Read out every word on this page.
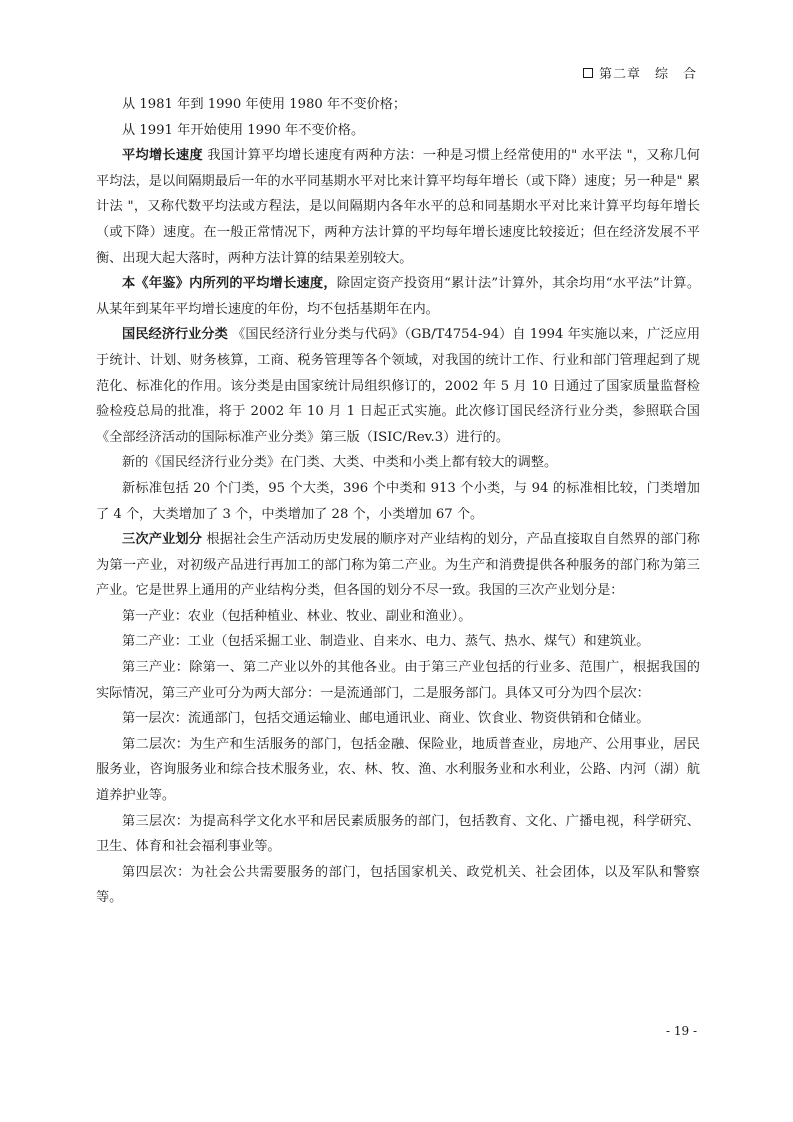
第二章　综　合

从 1981 年到 1990 年使用 1980 年不变价格；

从 1991 年开始使用 1990 年不变价格。

平均增长速度 我国计算平均增长速度有两种方法：一种是习惯上经常使用的" 水平法 "，又称几何平均法，是以间隔期最后一年的水平同基期水平对比来计算平均每年增长（或下降）速度；另一种是" 累计法 "，又称代数平均法或方程法，是以间隔期内各年水平的总和同基期水平对比来计算平均每年增长（或下降）速度。在一般正常情况下，两种方法计算的平均每年增长速度比较接近；但在经济发展不平衡、出现大起大落时，两种方法计算的结果差别较大。

本《年鉴》内所列的平均增长速度，除固定资产投资用“累计法”计算外，其余均用“水平法”计算。从某年到某年平均增长速度的年份，均不包括基期年在内。

国民经济行业分类 《国民经济行业分类与代码》（GB/T4754-94）自 1994 年实施以来，广泛应用于统计、计划、财务核算，工商、税务管理等各个领域，对我国的统计工作、行业和部门管理起到了规范化、标准化的作用。该分类是由国家统计局组织修订的，2002 年 5 月 10 日通过了国家质量监督检验检疫总局的批准，将于 2002 年 10 月 1 日起正式实施。此次修订国民经济行业分类，参照联合国《全部经济活动的国际标准产业分类》第三版（ISIC/Rev.3）进行的。

新的《国民经济行业分类》在门类、大类、中类和小类上都有较大的调整。

新标准包括 20 个门类，95 个大类，396 个中类和 913 个小类，与 94 的标准相比较，门类增加了 4 个，大类增加了 3 个，中类增加了 28 个，小类增加 67 个。

三次产业划分 根据社会生产活动历史发展的顺序对产业结构的划分，产品直接取自自然界的部门称为第一产业，对初级产品进行再加工的部门称为第二产业。为生产和消费提供各种服务的部门称为第三产业。它是世界上通用的产业结构分类，但各国的划分不尽一致。我国的三次产业划分是：

第一产业：农业（包括种植业、林业、牧业、副业和渔业）。

第二产业：工业（包括采掘工业、制造业、自来水、电力、蒸气、热水、煤气）和建筑业。

第三产业：除第一、第二产业以外的其他各业。由于第三产业包括的行业多、范围广，根据我国的实际情况，第三产业可分为两大部分：一是流通部门，二是服务部门。具体又可分为四个层次：

第一层次：流通部门，包括交通运输业、邮电通讯业、商业、饮食业、物资供销和仓储业。

第二层次：为生产和生活服务的部门，包括金融、保险业，地质普查业，房地产、公用事业，居民服务业，咨询服务业和综合技术服务业，农、林、牧、渔、水利服务业和水利业，公路、内河（湖）航道养护业等。

第三层次：为提高科学文化水平和居民素质服务的部门，包括教育、文化、广播电视，科学研究、卫生、体育和社会福利事业等。

第四层次：为社会公共需要服务的部门，包括国家机关、政党机关、社会团体，以及军队和警察等。

- 19 -
